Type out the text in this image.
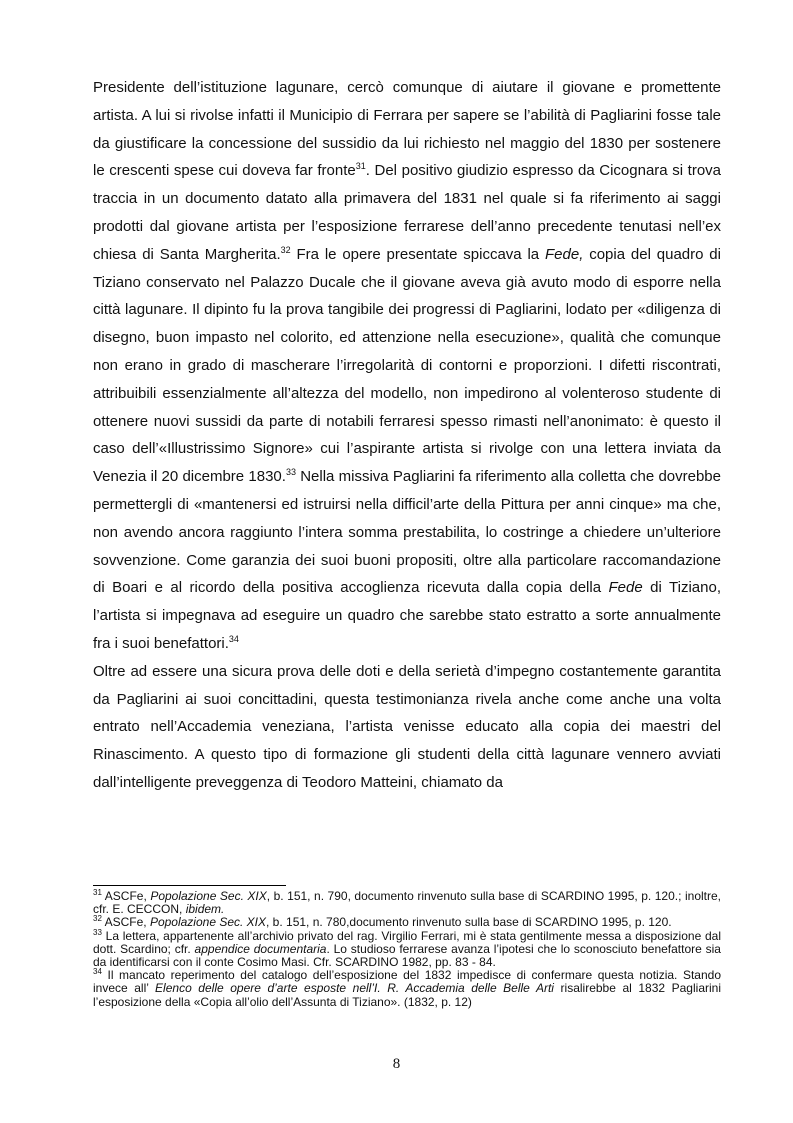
Presidente dell’istituzione lagunare, cercò comunque di aiutare il giovane e promettente artista. A lui si rivolse infatti il Municipio di Ferrara per sapere se l’abilità di Pagliarini fosse tale da giustificare la concessione del sussidio da lui richiesto nel maggio del 1830 per sostenere le crescenti spese cui doveva far fronte$^{31}$. Del positivo giudizio espresso da Cicognara si trova traccia in un documento datato alla primavera del 1831 nel quale si fa riferimento ai saggi prodotti dal giovane artista per l’esposizione ferrarese dell’anno precedente tenutasi nell’ex chiesa di Santa Margherita.$^{32}$ Fra le opere presentate spiccava la Fede, copia del quadro di Tiziano conservato nel Palazzo Ducale che il giovane aveva già avuto modo di esporre nella città lagunare. Il dipinto fu la prova tangibile dei progressi di Pagliarini, lodato per «diligenza di disegno, buon impasto nel colorito, ed attenzione nella esecuzione», qualità che comunque non erano in grado di mascherare l’irregolarità di contorni e proporzioni. I difetti riscontrati, attribuibili essenzialmente all’altezza del modello, non impedirono al volenteroso studente di ottenere nuovi sussidi da parte di notabili ferraresi spesso rimasti nell’anonimato: è questo il caso dell’«Illustrissimo Signore» cui l’aspirante artista si rivolge con una lettera inviata da Venezia il 20 dicembre 1830.33 Nella missiva Pagliarini fa riferimento alla colletta che dovrebbe permettergli di «mantenersi ed istruirsi nella difficil’arte della Pittura per anni cinque» ma che, non avendo ancora raggiunto l’intera somma prestabilita, lo costringe a chiedere un’ulteriore sovvenzione. Come garanzia dei suoi buoni propositi, oltre alla particolare raccomandazione di Boari e al ricordo della positiva accoglienza ricevuta dalla copia della Fede di Tiziano, l’artista si impegnava ad eseguire un quadro che sarebbe stato estratto a sorte annualmente fra i suoi benefattori.$^{34}$

Oltre ad essere una sicura prova delle doti e della serietà d’impegno costantemente garantita da Pagliarini ai suoi concittadini, questa testimonianza rivela anche come anche una volta entrato nell’Accademia veneziana, l’artista venisse educato alla copia dei maestri del Rinascimento. A questo tipo di formazione gli studenti della città lagunare vennero avviati dall’intelligente preveggenza di Teodoro Matteini, chiamato da

$^{31}$ ASCFe, Popolazione Sec. XIX, b. 151, n. 790, documento rinvenuto sulla base di SCARDINO 1995, p. 120.; inoltre, cfr. E. CECCON, ibidem.

$^{32}$ ASCFe, Popolazione Sec. XIX, b. 151, n. 780,documento rinvenuto sulla base di SCARDINO 1995, p. 120.

$^{33}$ La lettera, appartenente all’archivio privato del rag. Virgilio Ferrari, mi è stata gentilmente messa a disposizione dal dott. Scardino; cfr. appendice documentaria. Lo studioso ferrarese avanza l’ipotesi che lo sconosciuto benefattore sia da identificarsi con il conte Cosimo Masi. Cfr. SCARDINO 1982, pp. 83 - 84.

$^{34}$ Il mancato reperimento del catalogo dell’esposizione del 1832 impedisce di confermare questa notizia. Stando invece all’ Elenco delle opere d’arte esposte nell’I. R. Accademia delle Belle Arti risalirebbe al 1832 Pagliarini l’esposizione della «Copia all’olio dell’Assunta di Tiziano». (1832, p. 12)

8
